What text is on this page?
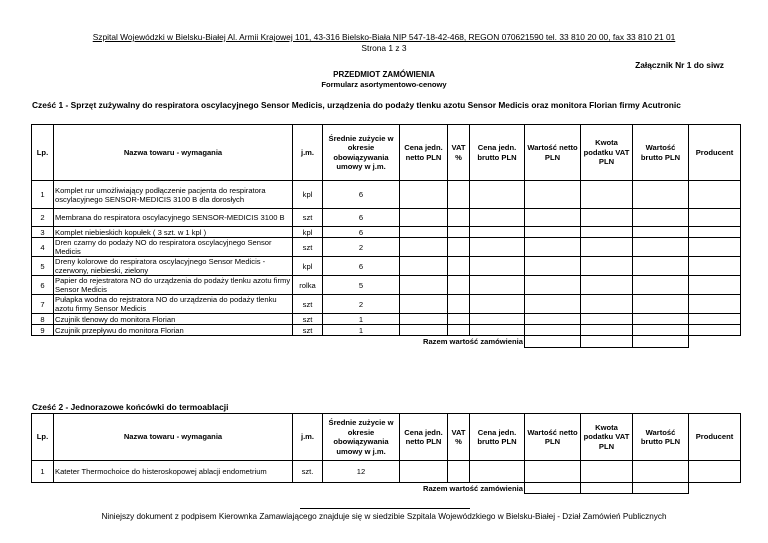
Szpital Wojewódzki w Bielsku-Białej Al. Armii Krajowej 101, 43-316 Bielsko-Biała NIP 547-18-42-468, REGON 070621590 tel. 33 810 20 00, fax 33 810 21 01
Strona 1 z 3
Załącznik Nr 1 do siwz
PRZEDMIOT ZAMÓWIENIA
Formularz asortymentowo-cenowy
Cześć 1 - Sprzęt zużywalny do respiratora oscylacyjnego Sensor Medicis, urządzenia do podaży tlenku azotu Sensor Medicis oraz monitora Florian firmy Acutronic
Lp.	Nazwa towaru - wymagania	j.m.	Średnie zużycie w okresie obowiązywania umowy w j.m.	Cena jedn. netto PLN	VAT %	Cena jedn. brutto PLN	Wartość netto PLN	Kwota podatku VAT PLN	Wartość brutto PLN	Producent
1	Komplet rur umożliwiający podłączenie pacjenta do respiratora oscylacyjnego SENSOR-MEDICIS 3100 B dla dorosłych	kpl	6							
2	Membrana do respiratora oscylacyjnego SENSOR-MEDICIS 3100 B	szt	6							
3	Komplet niebieskich kopułek ( 3 szt. w 1 kpl )	kpl	6							
4	Dren czarny do podaży NO do respiratora oscylacyjnego Sensor Medicis	szt	2							
5	Dreny kolorowe do respiratora oscylacyjnego Sensor Medicis - czerwony, niebieski, zielony	kpl	6							
6	Papier do rejestratora NO do urządzenia do podaży tlenku azotu firmy Sensor Medicis	rolka	5							
7	Pułapka wodna do rejstratora NO do urządzenia do podaży tlenku azotu firmy Sensor Medicis	szt	2							
8	Czujnik tlenowy do monitora Florian	szt	1							
9	Czujnik przepływu do monitora Florian	szt	1							
				Razem wartość zamówienia						
Cześć 2 - Jednorazowe końcówki do termoablacji
Lp.	Nazwa towaru - wymagania	j.m.	Średnie zużycie w okresie obowiązywania umowy w j.m.	Cena jedn. netto PLN	VAT %	Cena jedn. brutto PLN	Wartość netto PLN	Kwota podatku VAT PLN	Wartość brutto PLN	Producent
1	Kateter Thermochoice do histeroskopowej ablacji endometrium	szt.	12							
				Razem wartość zamówienia						
Niniejszy dokument z podpisem Kierownka Zamawiającego znajduje się w siedzibie Szpitala Wojewódzkiego w Bielsku-Białej - Dział Zamówień Publicznych
